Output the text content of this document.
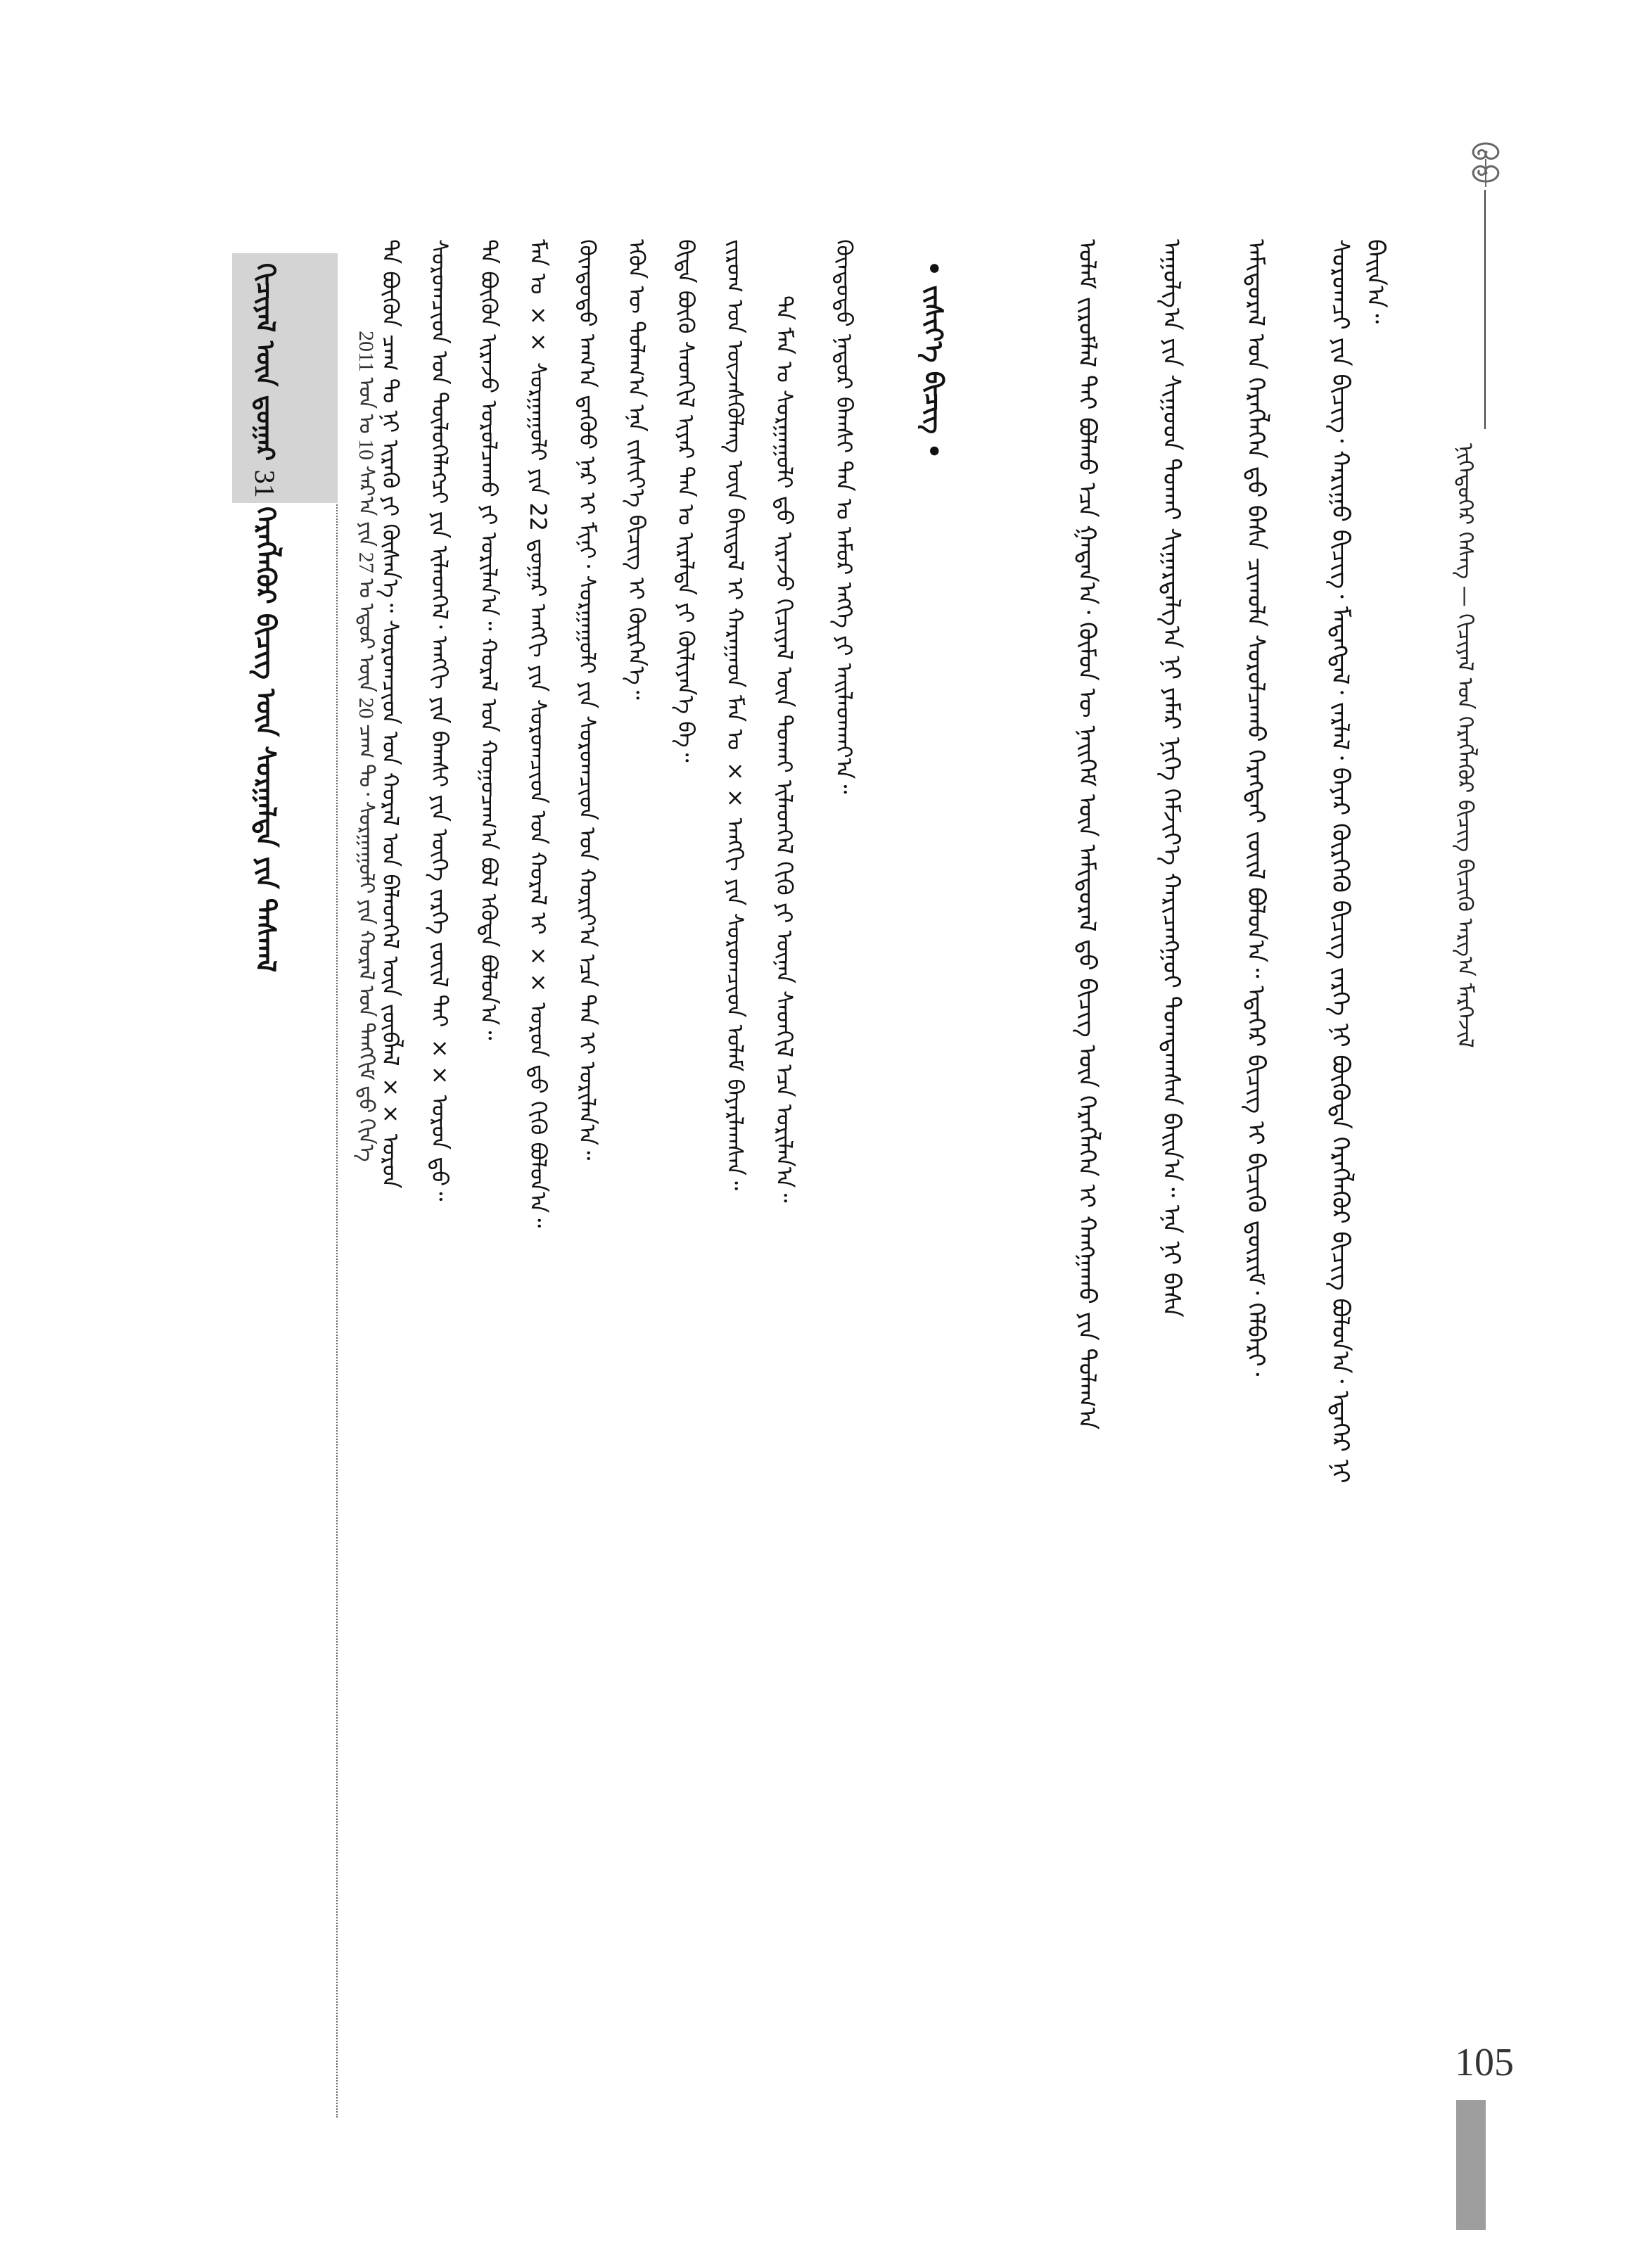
ᠨᠢᠭᠡᠳᠦᠭᠡᠷ ᠬᠡᠰᠡᠭ — ᠬᠢᠴᠢᠶᠡᠯ ᠤᠨ ᠬᠡᠷᠡᠭᠯᠡᠭᠦᠷ ᠪᠢᠴᠢᠭ ᠪᠢᠴᠢᠬᠦ ᠠᠷᠭ᠎ᠠ ᠮᠡᠷᠭᠡᠵᠢᠯ
105
ᠪᠠᠢ᠌ᠨ᠎ᠠ᠃
ᠰᠤᠷᠤᠭᠴᠢ ᠶᠢᠨ ᠪᠢᠴᠢᠭ᠂ ᠬᠠᠷᠢᠭᠤ ᠪᠢᠴᠢᠭ᠂ ᠮᠡᠳᠡᠭᠳᠡᠯ᠂ ᠵᠠᠷᠯᠠᠯ᠂ ᠪᠠᠶᠠᠷ ᠬᠦᠷᠭᠡᠬᠦ ᠪᠢᠴᠢᠭ ᠵᠡᠷᠭᠡ ᠨᠢ ᠪᠦᠭᠦᠳᠡ ᠬᠡᠷᠡᠭᠯᠡᠭᠦᠷ ᠪᠢᠴᠢᠭ ᠪᠣᠯᠤᠨ᠎ᠠ᠂ ᠡᠳᠡᠭᠡᠷ ᠨᠢ
ᠠᠮᠢᠳᠤᠷᠠᠯ ᠤᠨ ᠬᠡᠷᠡᠭᠯᠡᠭᠡᠨ ᠳ᠋ᠤ ᠪᠠᠰᠠ ᠴᠢᠬᠤᠯᠠ ᠰᠤᠷᠤᠯᠴᠠᠬᠤ ᠬᠡᠷᠡᠭᠲᠡᠢ ᠵᠦᠢᠯ ᠪᠣᠯᠤᠨ᠎ᠠ᠃ ᠡᠳᠡᠭᠡᠷ ᠪᠢᠴᠢᠭ ᠢ ᠪᠢᠴᠢᠬᠦ ᠳ᠋ᠦᠷᠢᠮ᠂ ᠬᠡᠯᠪᠡᠷᠢ᠂
ᠠᠭᠤᠯᠭ᠎ᠠ ᠶᠢᠨ ᠰᠢᠭᠤᠳ ᠲᠤᠬᠠᠢ ᠰᠢᠭᠠᠷᠳᠠᠯᠭ᠎ᠠ ᠨᠢ ᠶᠠᠮᠠᠷ ᠨᠢᠭᠡ ᠬᠡᠮᠵᠢᠶ᠎ᠡ ᠬᠠᠷᠢᠴᠠᠩᠭᠤᠢ ᠲᠣᠭᠲᠠᠭᠰᠠᠨ ᠪᠠᠢ᠌ᠨ᠎ᠠ᠃ ᠡᠨᠡ ᠨᠢ ᠪᠠᠰᠠ
ᠤᠯᠠᠮ ᠵᠢᠷᠤᠮᠯᠠᠯ ᠲᠠᠢ ᠪᠣᠯᠬᠤ ᠡᠴᠡ ᠭᠠᠳᠠᠨ᠎ᠠ᠂ ᠬᠦᠮᠦᠨ ᠦ ᠨᠡᠢᠭᠡᠮ ᠦᠨ ᠠᠮᠢᠳᠤᠷᠠᠯ ᠳ᠋ᠤ ᠪᠢᠴᠢᠭ ᠦᠨ ᠬᠡᠷᠡᠭᠯᠡᠭᠡᠨ ᠢ ᠬᠠᠩᠭᠠᠬᠤ ᠶᠢᠨ ᠲᠤᠯᠠᠭ᠎ᠠ
• ᠵᠢᠱᠢᠶ᠎ᠡ ᠪᠢᠴᠢᠭ •
ᠬᠦᠨᠳᠦᠲᠦ ᠨᠠᠳᠤᠷ ᠪᠠᠭᠰᠢ ᠲᠠᠨ ᠤ ᠠᠮᠤᠷ ᠡᠩᠬᠡ ᠶᠢ ᠠᠢ᠌ᠯᠠᠳᠬᠠᠶ᠎ᠠ᠃
ᠲᠠ ᠮᠠᠨ ᠤ ᠰᠤᠷᠭᠠᠭᠤᠯᠢ ᠳ᠋ᠤ ᠢᠷᠡᠵᠦ ᠬᠢᠴᠢᠶᠡᠯ ᠦᠨ ᠲᠤᠬᠠᠢ ᠢᠯᠡᠳᠬᠡᠯ ᠬᠢᠬᠦ ᠶᠢ ᠦᠨᠡᠨ ᠰᠡᠳᠬᠢᠯ ᠡᠴᠡ ᠤᠷᠢᠯᠠᠨ᠎ᠠ᠃
ᠵᠢᠷᠤᠭ ᠤᠨ ᠦᠵᠡᠰᠬᠦᠯᠡᠩ ᠦᠨ ᠪᠠᠢ᠌ᠳᠠᠯ ᠢ ᠬᠠᠷᠠᠭᠠᠳ ᠮᠠᠨ ᠤ ×× ᠠᠩᠭᠢ ᠶᠢᠨ ᠰᠤᠷᠤᠭᠴᠢᠳ ᠤᠯᠠᠮ ᠪᠠᠶᠠᠷᠯᠠᠭᠰᠠᠨ᠃
ᠪᠢᠳᠡ ᠪᠦᠬᠦ ᠰᠡᠳᠬᠢᠯ ᠢᠶᠡᠷ ᠲᠠᠨ ᠤ ᠢᠷᠡᠯᠲᠡ ᠶᠢ ᠬᠦᠯᠢᠶᠡᠨ᠎ᠡ ᠪᠡ᠃
ᠡᠭᠦᠨ ᠦ ᠲᠤᠯᠠᠭ᠎ᠠ ᠡᠨᠡ ᠵᠢᠱᠢᠶ᠎ᠡ ᠪᠢᠴᠢᠭ ᠢ ᠬᠦᠷᠭᠡᠨ᠎ᠡ᠃
ᠬᠦᠨᠳᠦᠲᠦ ᠠᠬ᠎ᠠ ᠳ᠋ᠡᠭᠦᠦ ᠨᠠᠷ ᠢ ᠮᠢᠨᠢ᠂ ᠰᠤᠷᠭᠠᠭᠤᠯᠢ ᠶᠢᠨ ᠰᠤᠷᠤᠭᠴᠢᠳ ᠤᠨ ᠬᠣᠷᠢᠶ᠎ᠠ ᠡᠴᠡ ᠲᠠᠨ ᠢ ᠤᠷᠢᠯᠠᠨ᠎ᠠ᠃
ᠮᠠᠨ ᠤ ×× ᠰᠤᠷᠭᠠᠭᠤᠯᠢ ᠶᠢᠨ 22 ᠳ᠋ᠤᠭᠠᠷ ᠠᠩᠭᠢ ᠶᠢᠨ ᠰᠤᠷᠤᠭᠴᠢᠳ ᠤᠨ ᠬᠤᠷᠠᠯ ᠢ ×× ᠤᠷᠤᠨ ᠳ᠋ᠤ ᠬᠢᠬᠦ ᠪᠣᠯᠤᠨ᠎ᠠ᠃
ᠲᠠ ᠪᠦᠬᠦᠨ ᠢᠷᠡᠵᠦ ᠣᠷᠤᠯᠴᠠᠬᠤ ᠶᠢ ᠤᠷᠢᠯᠠᠨ᠎ᠠ᠃ ᠬᠤᠷᠠᠯ ᠤᠨ ᠬᠤᠭᠤᠴᠠᠭ᠎ᠠ ᠪᠣᠯ ᠡᠭᠦᠳᠡ ᠪᠣᠯᠤᠨ᠎ᠠ᠃
ᠰᠤᠷᠤᠭᠴᠢᠳ ᠤᠨ ᠲᠥᠯᠥᠭᠡᠯᠡᠭᠴᠢ ᠶᠢᠨ ᠢᠯᠡᠳᠬᠡᠯ᠂ ᠠᠩᠭᠢ ᠶᠢᠨ ᠪᠠᠭᠰᠢ ᠶᠢᠨ ᠦᠭᠡ ᠵᠡᠷᠭᠡ ᠵᠦᠢᠯ ᠲᠠᠢ ×× ᠣᠷᠤᠨ ᠳ᠋ᠤ᠃
ᠲᠠ ᠪᠦᠬᠦᠨ ᠴᠠᠭ ᠲᠤ ᠨᠢ ᠢᠷᠡᠬᠦ ᠶᠢ ᠬᠦᠰᠡᠨ᠎ᠡ᠃ ᠰᠤᠷᠤᠭᠴᠢᠳ ᠤᠨ ᠬᠤᠷᠠᠯ ᠤᠨ ᠪᠡᠯᠡᠳᠬᠡᠯ ᠦᠨ ᠵᠦᠪᠯᠡᠯ ×× ᠣᠷᠤᠨ
2011 ᠣᠨ ᠤ 10 ᠰᠠᠷ᠎ᠠ ᠶᠢᠨ 27 ᠤ ᠡᠳᠦᠷ ᠦᠨ 20 ᠴᠠᠭ ᠲᠤ᠂ ᠰᠤᠷᠭᠠᠭᠤᠯᠢ ᠶᠢᠨ ᠬᠤᠷᠠᠯ ᠤᠨ ᠲᠠᠩᠬᠢᠮ ᠳ᠋ᠤ ᠬᠢᠨ᠎ᠡ
ᠬᠢᠴᠢᠶᠡᠯ ᠦᠨ ᠳ᠋ᠤᠭᠠᠷ 31
ᠬᠡᠷᠡᠭᠯᠡᠭᠦᠷ ᠪᠢᠴᠢᠭ ᠦᠨ ᠰᠤᠷᠭᠠᠯᠲᠠ ᠶᠢᠨ ᠳᠠᠰᠭᠠᠯ
